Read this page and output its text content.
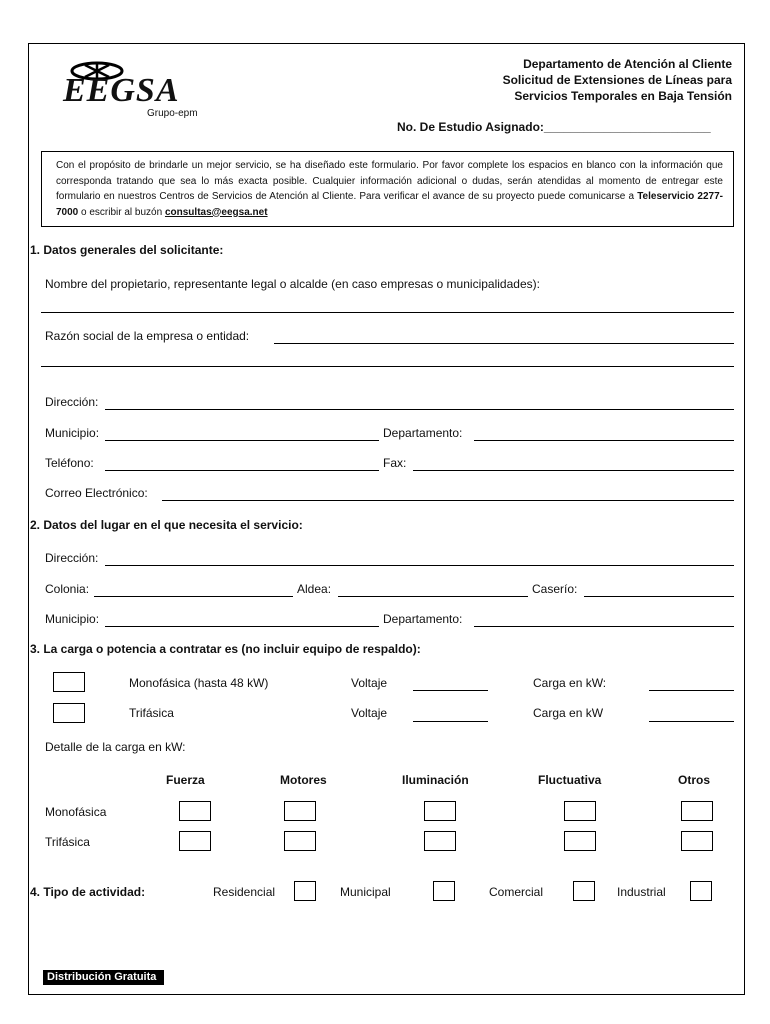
EEGSA
Grupo-epm
Departamento de Atención al Cliente
Solicitud de Extensiones de Líneas para
Servicios Temporales en Baja Tensión
No. De Estudio Asignado:_________________________
Con el propósito de brindarle un mejor servicio, se ha diseñado este formulario. Por favor complete los espacios en blanco con la información que corresponda tratando que sea lo más exacta posible. Cualquier información adicional o dudas, serán atendidas al momento de entregar este formulario en nuestros Centros de Servicios de Atención al Cliente. Para verificar el avance de su proyecto puede comunicarse a Teleservicio 2277-7000 o escribir al buzón consultas@eegsa.net
1. Datos generales del solicitante:
Nombre del propietario, representante legal o alcalde (en caso empresas o municipalidades):
Razón social de la empresa o entidad:
Dirección:
Municipio:	Departamento:
Teléfono:	Fax:
Correo Electrónico:
2. Datos del lugar en el que necesita el servicio:
Dirección:
Colonia:	Aldea:	Caserío:
Municipio:	Departamento:
3. La carga o potencia a contratar es (no incluir equipo de respaldo):
Monofásica (hasta 48 kW)	Voltaje	Carga en kW:
Trifásica	Voltaje	Carga en kW
Detalle de la carga en kW:
Fuerza	Motores	Iluminación	Fluctuativa	Otros
Monofásica
Trifásica
4. Tipo de actividad:	Residencial	Municipal	Comercial	Industrial
Distribución Gratuita
